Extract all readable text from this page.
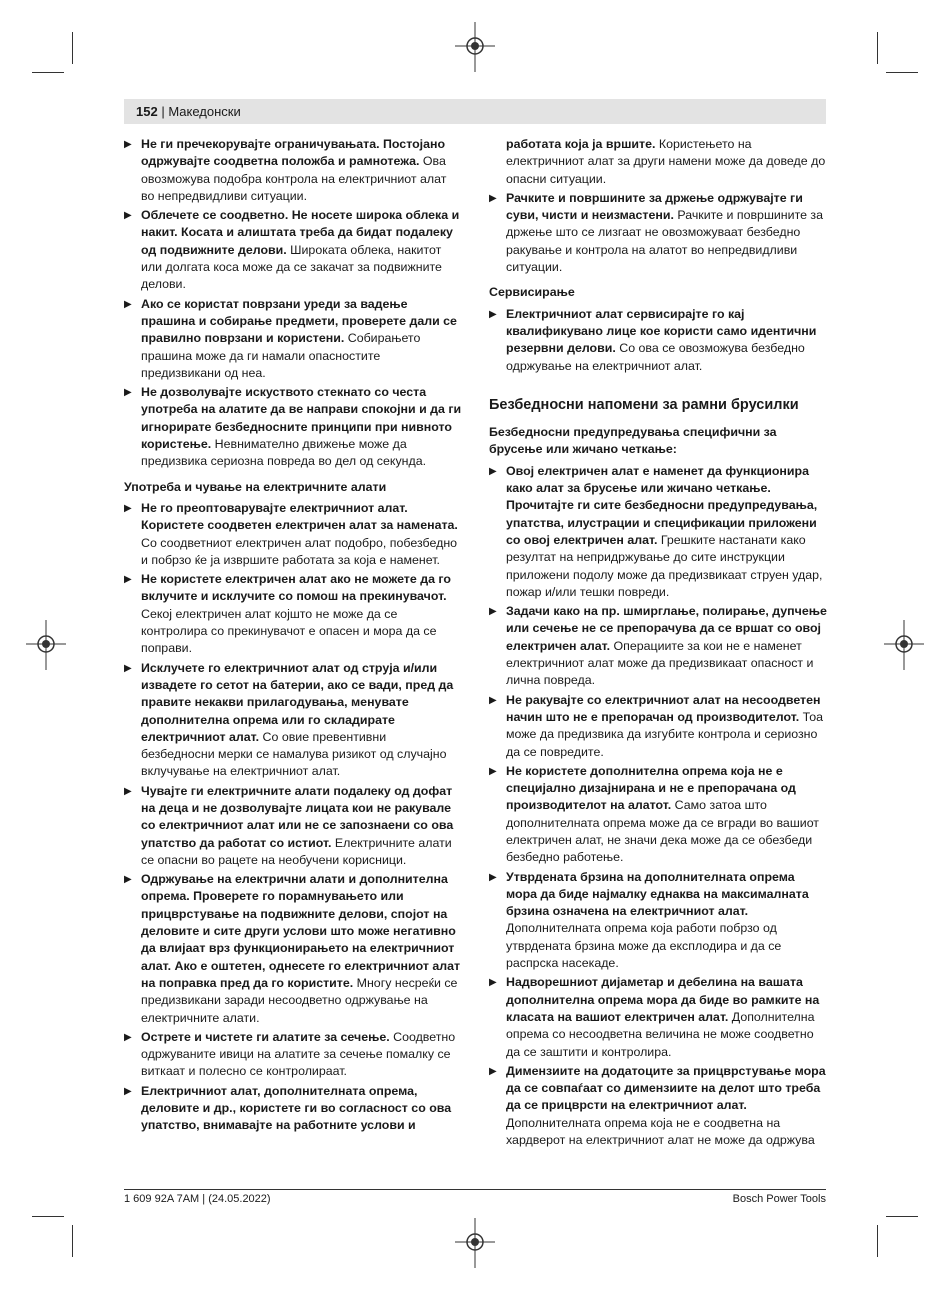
152 | Македонски
▶ Не ги пречекорувајте ограничувањата. Постојано одржувајте соодветна положба и рамнотежа. Ова овозможува подобра контрола на електричниот алат во непредвидливи ситуации.
▶ Облечете се соодветно. Не носете широка облека и накит. Косата и алиштата треба да бидат подалеку од подвижните делови. Широката облека, накитот или долгата коса може да се закачат за подвижните делови.
▶ Ако се користат поврзани уреди за вадење прашина и собирање предмети, проверете дали се правилно поврзани и користени. Собирањето прашина може да ги намали опасностите предизвикани од неа.
▶ Не дозволувајте искуството стекнато со честа употреба на алатите да ве направи спокојни и да ги игнорирате безбедносните принципи при нивното користење. Невнимателно движење може да предизвика сериозна повреда во дел од секунда.
Употреба и чување на електричните алати
▶ Не го преоптоварувајте електричниот алат. Користете соодветен електричен алат за намената. Со соодветниот електричен алат подобро, побезбедно и побрзо ќе ја извршите работата за која е наменет.
▶ Не користете електричен алат ако не можете да го вклучите и исклучите со помош на прекинувачот. Секој електричен алат којшто не може да се контролира со прекинувачот е опасен и мора да се поправи.
▶ Исклучете го електричниот алат од струја и/или извадете го сетот на батерии, ако се вади, пред да правите некакви прилагодувања, менувате дополнителна опрема или го складирате електричниот алат. Со овие превентивни безбедносни мерки се намалува ризикот од случајно вклучување на електричниот алат.
▶ Чувајте ги електричните алати подалеку од дофат на деца и не дозволувајте лицата кои не ракувале со електричниот алат или не се запознаени со ова упатство да работат со истиот. Електричните алати се опасни во рацете на необучени корисници.
▶ Одржување на електрични алати и дополнителна опрема. Проверете го порамнувањето или прицврстување на подвижните делови, спојот на деловите и сите други услови што може негативно да влијаат врз функционирањето на електричниот алат. Ако е оштетен, однесете го електричниот алат на поправка пред да го користите. Многу несреќи се предизвикани заради несоодветно одржување на електричните алати.
▶ Острете и чистете ги алатите за сечење. Соодветно одржуваните ивици на алатите за сечење помалку се виткаат и полесно се контролираат.
▶ Електричниот алат, дополнителната опрема, деловите и др., користете ги во согласност со ова упатство, внимавајте на работните услови и
работата која ја вршите. Користењето на електричниот алат за други намени може да доведе до опасни ситуации.
▶ Рачките и површините за држење одржувајте ги суви, чисти и неизмастени. Рачките и површините за држење што се лизгаат не овозможуваат безбедно ракување и контрола на алатот во непредвидливи ситуации.
Сервисирање
▶ Електричниот алат сервисирајте го кај квалификувано лице кое користи само идентични резервни делови. Со ова се овозможува безбедно одржување на електричниот алат.
Безбедносни напомени за рамни брусилки
Безбедносни предупредувања специфични за брусење или жичано четкање:
▶ Овој електричен алат е наменет да функционира како алат за брусење или жичано четкање. Прочитајте ги сите безбедносни предупредувања, упатства, илустрации и спецификации приложени со овој електричен алат. Грешките настанати како резултат на непридржување до сите инструкции приложени подолу може да предизвикаат струен удар, пожар и/или тешки повреди.
▶ Задачи како на пр. шмирглање, полирање, дупчење или сечење не се препорачува да се вршат со овој електричен алат. Операциите за кои не е наменет електричниот алат може да предизвикаат опасност и лична повреда.
▶ Не ракувајте со електричниот алат на несоодветен начин што не е препорачан од производителот. Тоа може да предизвика да изгубите контрола и сериозно да се повредите.
▶ Не користете дополнителна опрема која не е специјално дизајнирана и не е препорачана од производителот на алатот. Само затоа што дополнителната опрема може да се вгради во вашиот електричен алат, не значи дека може да се обезбеди безбедно работење.
▶ Утврдената брзина на дополнителната опрема мора да биде најмалку еднаква на максималната брзина означена на електричниот алат. Дополнителната опрема која работи побрзо од утврдената брзина може да експлодира и да се распрска насекаде.
▶ Надворешниот дијаметар и дебелина на вашата дополнителна опрема мора да биде во рамките на класата на вашиот електричен алат. Дополнителна опрема со несоодветна величина не може соодветно да се заштити и контролира.
▶ Димензиите на додатоците за прицврстување мора да се совпаѓаат со димензиите на делот што треба да се прицврсти на електричниот алат. Дополнителната опрема која не е соодветна на хардверот на електричниот алат не може да одржува
1 609 92A 7AM | (24.05.2022)	Bosch Power Tools
